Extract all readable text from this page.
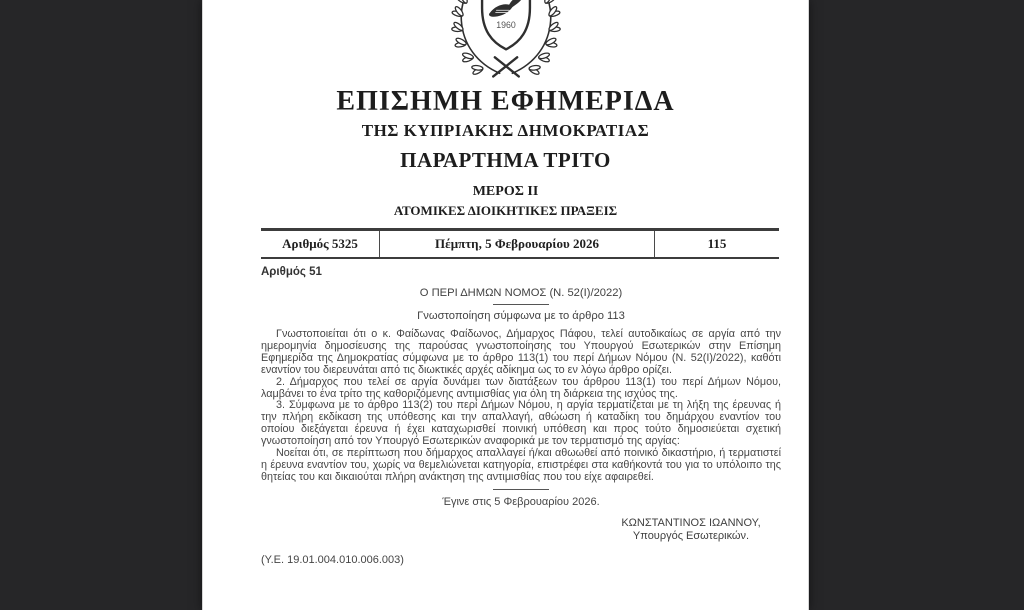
1960
ΕΠΙΣΗΜΗ ΕΦΗΜΕΡΙΔΑ
ΤΗΣ ΚΥΠΡΙΑΚΗΣ ΔΗΜΟΚΡΑΤΙΑΣ
ΠΑΡΑΡΤΗΜΑ ΤΡΙΤΟ
ΜΕΡΟΣ ΙΙ
ΑΤΟΜΙΚΕΣ ΔΙΟΙΚΗΤΙΚΕΣ ΠΡΑΞΕΙΣ
Αριθμός 5325	Πέμπτη, 5 Φεβρουαρίου 2026	115

Αριθμός 51

Ο ΠΕΡΙ ΔΗΜΩΝ ΝΟΜΟΣ (Ν. 52(Ι)/2022)

Γνωστοποίηση σύμφωνα με το άρθρο 113

Γνωστοποιείται ότι ο κ. Φαίδωνας Φαίδωνος, Δήμαρχος Πάφου, τελεί αυτοδικαίως σε αργία από την ημερομηνία δημοσίευσης της παρούσας γνωστοποίησης του Υπουργού Εσωτερικών στην Επίσημη Εφημερίδα της Δημοκρατίας σύμφωνα με το άρθρο 113(1) του περί Δήμων Νόμου (Ν. 52(Ι)/2022), καθότι εναντίον του διερευνάται από τις διωκτικές αρχές αδίκημα ως το εν λόγω άρθρο ορίζει.

2. Δήμαρχος που τελεί σε αργία δυνάμει των διατάξεων του άρθρου 113(1) του περί Δήμων Νόμου, λαμβάνει το ένα τρίτο της καθοριζόμενης αντιμισθίας για όλη τη διάρκεια της ισχύος της.

3. Σύμφωνα με το άρθρο 113(2) του περί Δήμων Νόμου, η αργία τερματίζεται με τη λήξη της έρευνας ή την πλήρη εκδίκαση της υπόθεσης και την απαλλαγή, αθώωση ή καταδίκη του δημάρχου εναντίον του οποίου διεξάγεται έρευνα ή έχει καταχωρισθεί ποινική υπόθεση και προς τούτο δημοσιεύεται σχετική γνωστοποίηση από τον Υπουργό Εσωτερικών αναφορικά με τον τερματισμό της αργίας:

Νοείται ότι, σε περίπτωση που δήμαρχος απαλλαγεί ή/και αθωωθεί από ποινικό δικαστήριο, ή τερματιστεί η έρευνα εναντίον του, χωρίς να θεμελιώνεται κατηγορία, επιστρέφει στα καθήκοντά του για το υπόλοιπο της θητείας του και δικαιούται πλήρη ανάκτηση της αντιμισθίας που του είχε αφαιρεθεί.

Έγινε στις 5 Φεβρουαρίου 2026.

ΚΩΝΣΤΑΝΤΙΝΟΣ ΙΩΑΝΝΟΥ,
Υπουργός Εσωτερικών.

(Υ.Ε. 19.01.004.010.006.003)
